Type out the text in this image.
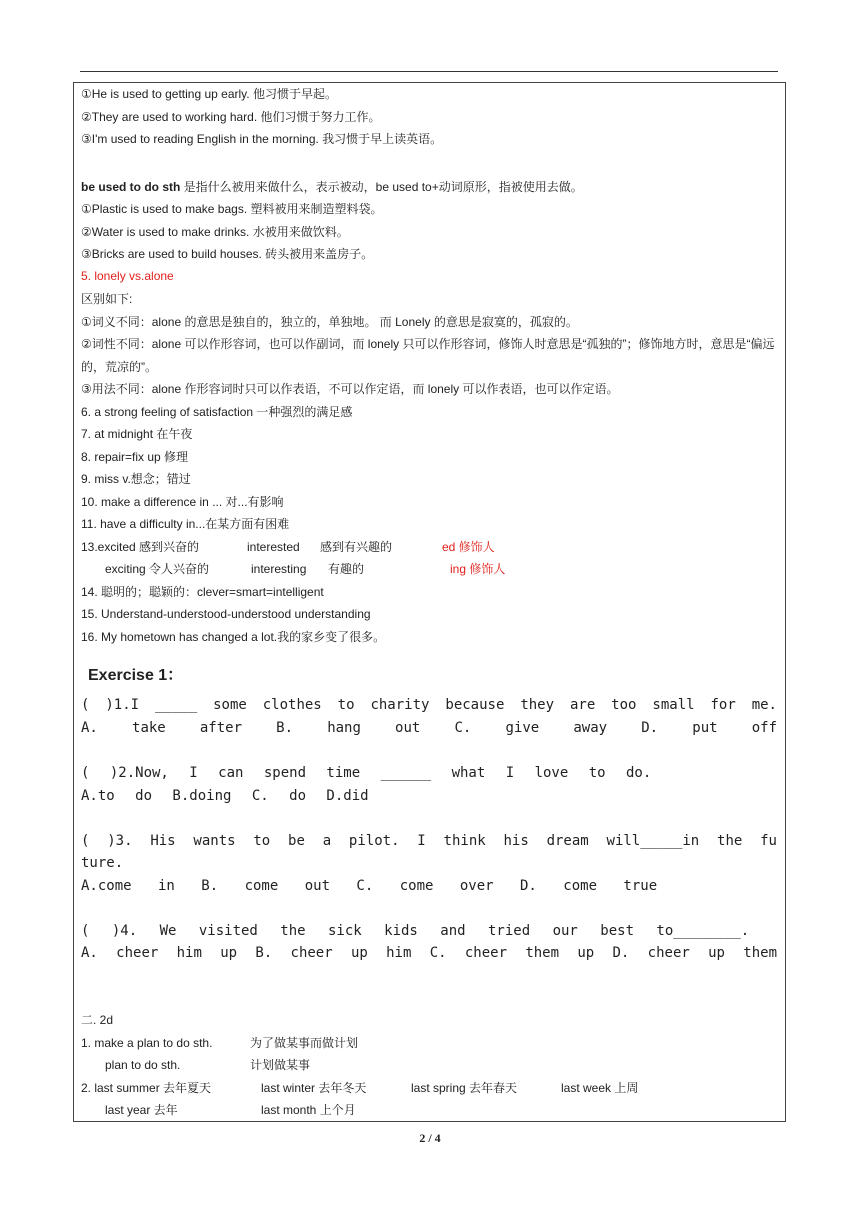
①He is used to getting up early. 他习惯于早起。
②They are used to working hard. 他们习惯于努力工作。
③I'm used to reading English in the morning. 我习惯于早上读英语。
be used to do sth 是指什么被用来做什么，表示被动，be used to+动词原形，指被使用去做。
①Plastic is used to make bags. 塑料被用来制造塑料袋。
②Water is used to make drinks. 水被用来做饮料。
③Bricks are used to build houses. 砖头被用来盖房子。
5. lonely vs.alone
区别如下:
①词义不同：alone 的意思是独自的，独立的，单独地。 而 Lonely 的意思是寂寞的，孤寂的。
②词性不同：alone 可以作形容词，也可以作副词，而 lonely 只可以作形容词，修饰人时意思是“孤独的”；修饰地方时，意思是“偏远
的，荒凉的”。
③用法不同：alone 作形容词时只可以作表语，不可以作定语，而 lonely 可以作表语，也可以作定语。
6. a strong feeling of satisfaction 一种强烈的满足感
7. at midnight 在午夜
8. repair=fix up 修理
9. miss v.想念；错过
10. make a difference in ... 对...有影响
11. have a difficulty in...在某方面有困难
13.excited 感到兴奋的	interested 感到有兴趣的	ed 修饰人
exciting 令人兴奋的	interesting 有趣的	ing 修饰人
14. 聪明的；聪颖的：clever=smart=intelligent
15. Understand-understood-understood understanding
16. My hometown has changed a lot.我的家乡变了很多。
Exercise 1：
( )1.I _____ some clothes to charity because they are too small for me.
A. take after B. hang out C. give away D. put off
( )2.Now, I can spend time ______ what I love to do.
A.to do B.doing C. do D.did
( )3. His wants to be a pilot. I think his dream will_____in the fu
ture.
A.come in B. come out C. come over D. come true
( )4. We visited the sick kids and tried our best to________.
A. cheer him up B. cheer up him C. cheer them up D. cheer up them
二. 2d
1. make a plan to do sth.	为了做某事而做计划
plan to do sth.	计划做某事
2. last summer 去年夏天	last winter 去年冬天	last spring 去年春天	last week 上周
last year 去年	last month 上个月
2 / 4
